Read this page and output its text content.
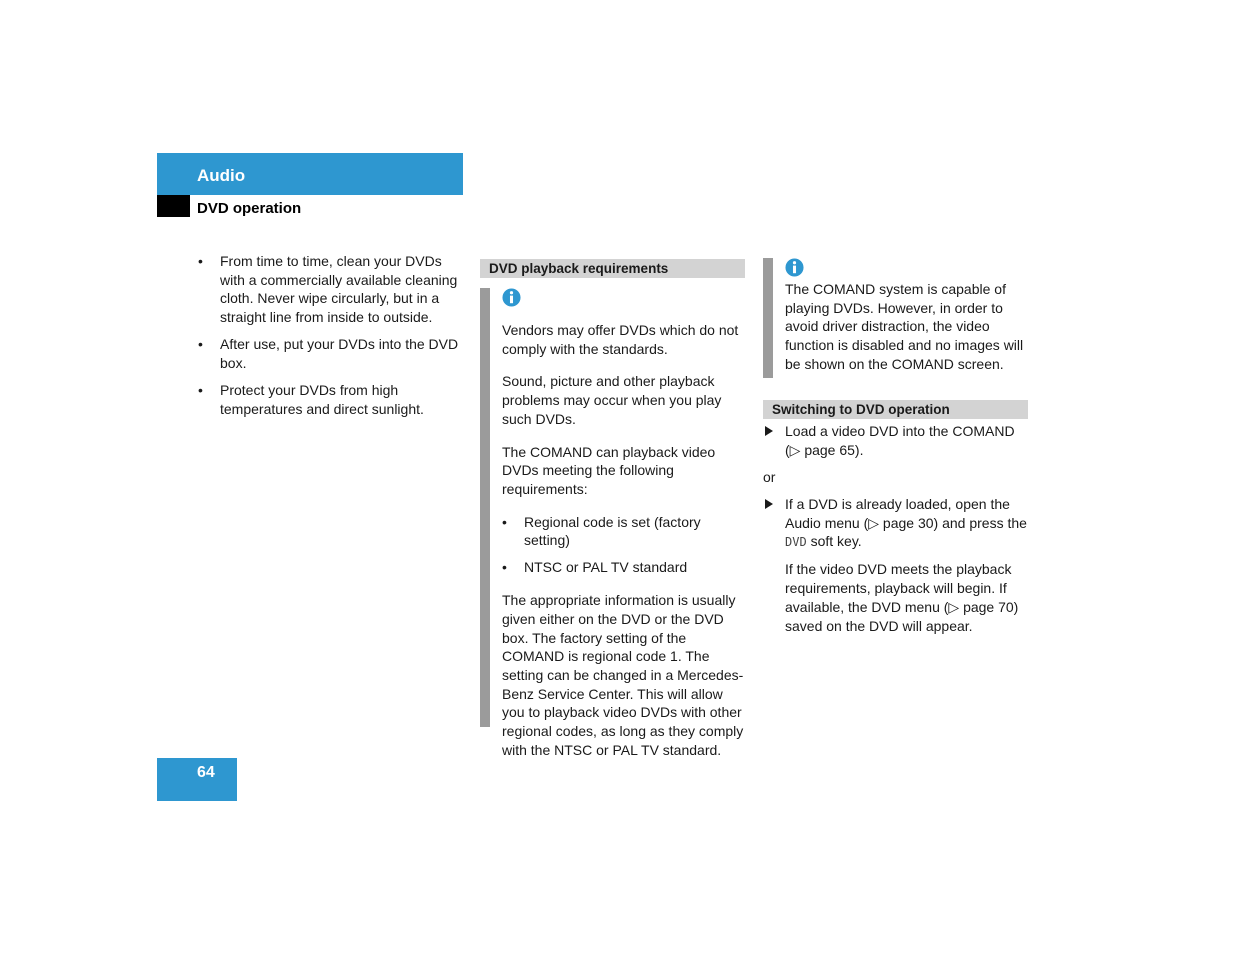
Audio
DVD operation
•	From time to time, clean your DVDs with a commercially available cleaning cloth. Never wipe circularly, but in a straight line from inside to outside.
•	After use, put your DVDs into the DVD box.
•	Protect your DVDs from high temperatures and direct sunlight.
DVD playback requirements

Vendors may offer DVDs which do not comply with the standards.

Sound, picture and other playback problems may occur when you play such DVDs.

The COMAND can playback video DVDs meeting the following requirements:

•	Regional code is set (factory setting)
•	NTSC or PAL TV standard

The appropriate information is usually given either on the DVD or the DVD box. The factory setting of the COMAND is regional code 1. The setting can be changed in a Mercedes-Benz Service Center. This will allow you to playback video DVDs with other regional codes, as long as they comply with the NTSC or PAL TV standard.

The COMAND system is capable of playing DVDs. However, in order to avoid driver distraction, the video function is disabled and no images will be shown on the COMAND screen.

Switching to DVD operation
Load a video DVD into the COMAND (▷ page 65).

or

If a DVD is already loaded, open the Audio menu (▷ page 30) and press the DVD soft key.

If the video DVD meets the playback requirements, playback will begin. If available, the DVD menu (▷ page 70) saved on the DVD will appear.

64
